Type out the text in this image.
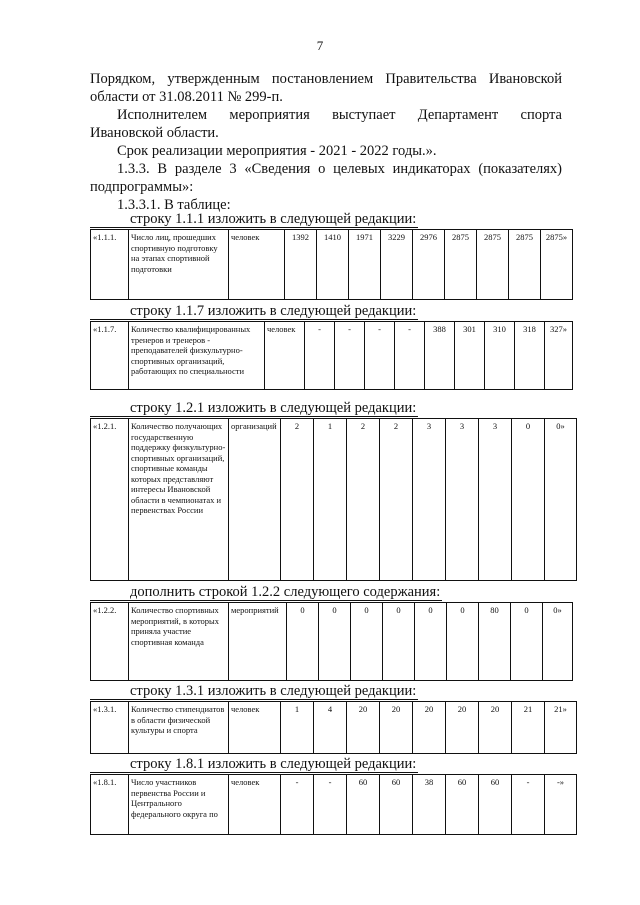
7
Порядком, утвержденным постановлением Правительства Ивановской
области от 31.08.2011 № 299-п.
Исполнителем мероприятия выступает Департамент спорта
Ивановской области.
Срок реализации мероприятия - 2021 - 2022 годы.».
1.3.3. В разделе 3 «Сведения о целевых индикаторах (показателях)
подпрограммы»:
1.3.3.1. В таблице:
строку 1.1.1 изложить в следующей редакции:
«1.1.1.	Число лиц, прошедших спортивную подготовку на этапах спортивной подготовки	человек	1392	1410	1971	3229	2976	2875	2875	2875	2875»
строку 1.1.7 изложить в следующей редакции:
«1.1.7.	Количество квалифицированных тренеров и тренеров - преподавателей физкультурно-спортивных организаций, работающих по специальности	человек	-	-	-	-	388	301	310	318	327»
строку 1.2.1 изложить в следующей редакции:
«1.2.1.	Количество получающих государственную поддержку физкультурно-спортивных организаций, спортивные команды которых представляют интересы Ивановской области в чемпионатах и первенствах России	организаций	2	1	2	2	3	3	3	0	0»
дополнить строкой 1.2.2 следующего содержания:
«1.2.2.	Количество спортивных мероприятий, в которых приняла участие спортивная команда	мероприятий	0	0	0	0	0	0	80	0	0»
строку 1.3.1 изложить в следующей редакции:
«1.3.1.	Количество стипендиатов в области физической культуры и спорта	человек	1	4	20	20	20	20	20	21	21»
строку 1.8.1 изложить в следующей редакции:
«1.8.1.	Число участников первенства России и Центрального федерального округа по	человек	-	-	60	60	38	60	60	-	-»
